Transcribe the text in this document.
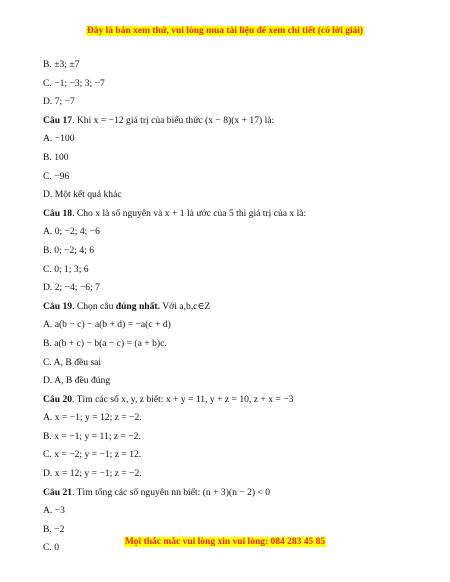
Đây là bản xem thử, vui lòng mua tài liệu để xem chi tiết (có lời giải)
B. ±3; ±7
C. −1; −3; 3; −7
D. 7; −7
Câu 17. Khi x = −12 giá trị của biểu thức (x − 8)(x + 17) là:
A. −100
B. 100
C. −96
D. Một kết quả khác
Câu 18. Cho x là số nguyên và x + 1 là ước của 5 thì giá trị của x là:
A. 0; −2; 4; −6
B. 0; −2; 4; 6
C. 0; 1; 3; 6
D. 2; −4; −6; 7
Câu 19. Chọn câu đúng nhất. Với a,b,c∈Z
A. a(b − c) − a(b + d) = −a(c + d)
B. a(b + c) − b(a − c) = (a + b)c.
C. A, B đều sai
D. A, B đều đúng
Câu 20. Tìm các số x, y, z biết: x + y = 11, y + z = 10, z + x = −3
A. x = −1; y = 12; z = −2.
B. x = −1; y = 11; z = −2.
C. x = −2; y = −1; z = 12.
D. x = 12; y = −1; z = −2.
Câu 21. Tìm tổng các số nguyên nn biết: (n + 3)(n − 2) < 0
A. −3
B. −2
C. 0
Mọi thắc mắc vui lòng xin vui lòng: 084 283 45 85
